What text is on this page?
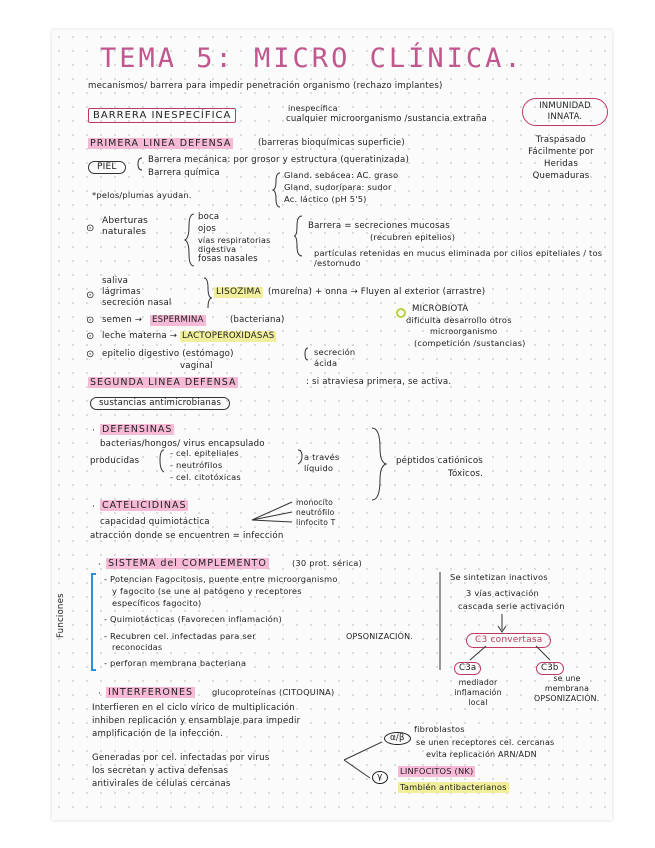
TEMA 5: MICRO CLÍNICA.
mecanismos/ barrera para impedir penetración organismo (rechazo implantes)
INMUNIDAD INNATA.
BARRERA INESPECÍFICA
inespecífica
cualquier microorganismo /sustancia extraña
PRIMERA LINEA DEFENSA	(barreras bioquímicas superficie)	Traspasado Fácilmente por Heridas Quemaduras
PIEL
Barrera mecánica: por grosor y estructura (queratinizada)
Barrera química	Gland. sebácea: AC. graso
Gland. sudorípara: sudor
Ac. láctico (pH 5'5)
*pelos/plumas ayudan.
⊙
Aberturas naturales
boca
ojos
vías respiratorias digestiva
fosas nasales
Barrera = secreciones mucosas
(recubren epitelios)
partículas retenidas en mucus eliminada por cilios epiteliales / tos /estornudo
⊙
saliva
lágrimas
secreción nasal
LISOZIMA (mureína) + onna → Fluyen al exterior (arrastre)
⊙ semen → ESPERMINA	(bacteriana)
⊙ leche materna → LACTOPEROXIDASAS
⊙ epitelio digestivo (estómago)
vaginal
secreción ácida
MICROBIOTA
dificulta desarrollo otros
microorganismo
(competición /sustancias)
SEGUNDA LINEA DEFENSA	: si atraviesa primera, se activa.
sustancias antimicrobianas
· DEFENSINAS
bacterias/hongos/ virus encapsulado
producidas
- cel. epiteliales
- neutrófilos
- cel. citotóxicas
a través líquido
péptidos catiónicos
Tóxicos.
· CATELICIDINAS
capacidad quimiotáctica
monocito
neutrófilo
linfocito T
atracción donde se encuentren = infección
· SISTEMA del COMPLEMENTO	(30 prot. sérica)
Funciones
- Potencian Fagocitosis, puente entre microorganismo
y fagocito (se une al patógeno y receptores
específicos fagocito)
- Quimiotácticas (Favorecen inflamación)
- Recubren cel. infectadas para ser	OPSONIZACIÓN.
reconocidas
- perforan membrana bacteriana
Se sintetizan inactivos
3 vías activación
cascada serie activación
C3 convertasa
C3a	C3b
mediador inflamación local
se une membrana
OPSONIZACIÓN.
· INTERFERONES glucoproteínas (CITOQUINA)
Interfieren en el ciclo vírico de multiplicación
inhiben replicación y ensamblaje para impedir
amplificación de la infección.
Generadas por cel. infectadas por virus
los secretan y activa defensas
antivirales de células cercanas
α/β
fibroblastos
se unen receptores cel. cercanas
evita replicación ARN/ADN
γ
LINFOCITOS (NK)
También antibacterianos
